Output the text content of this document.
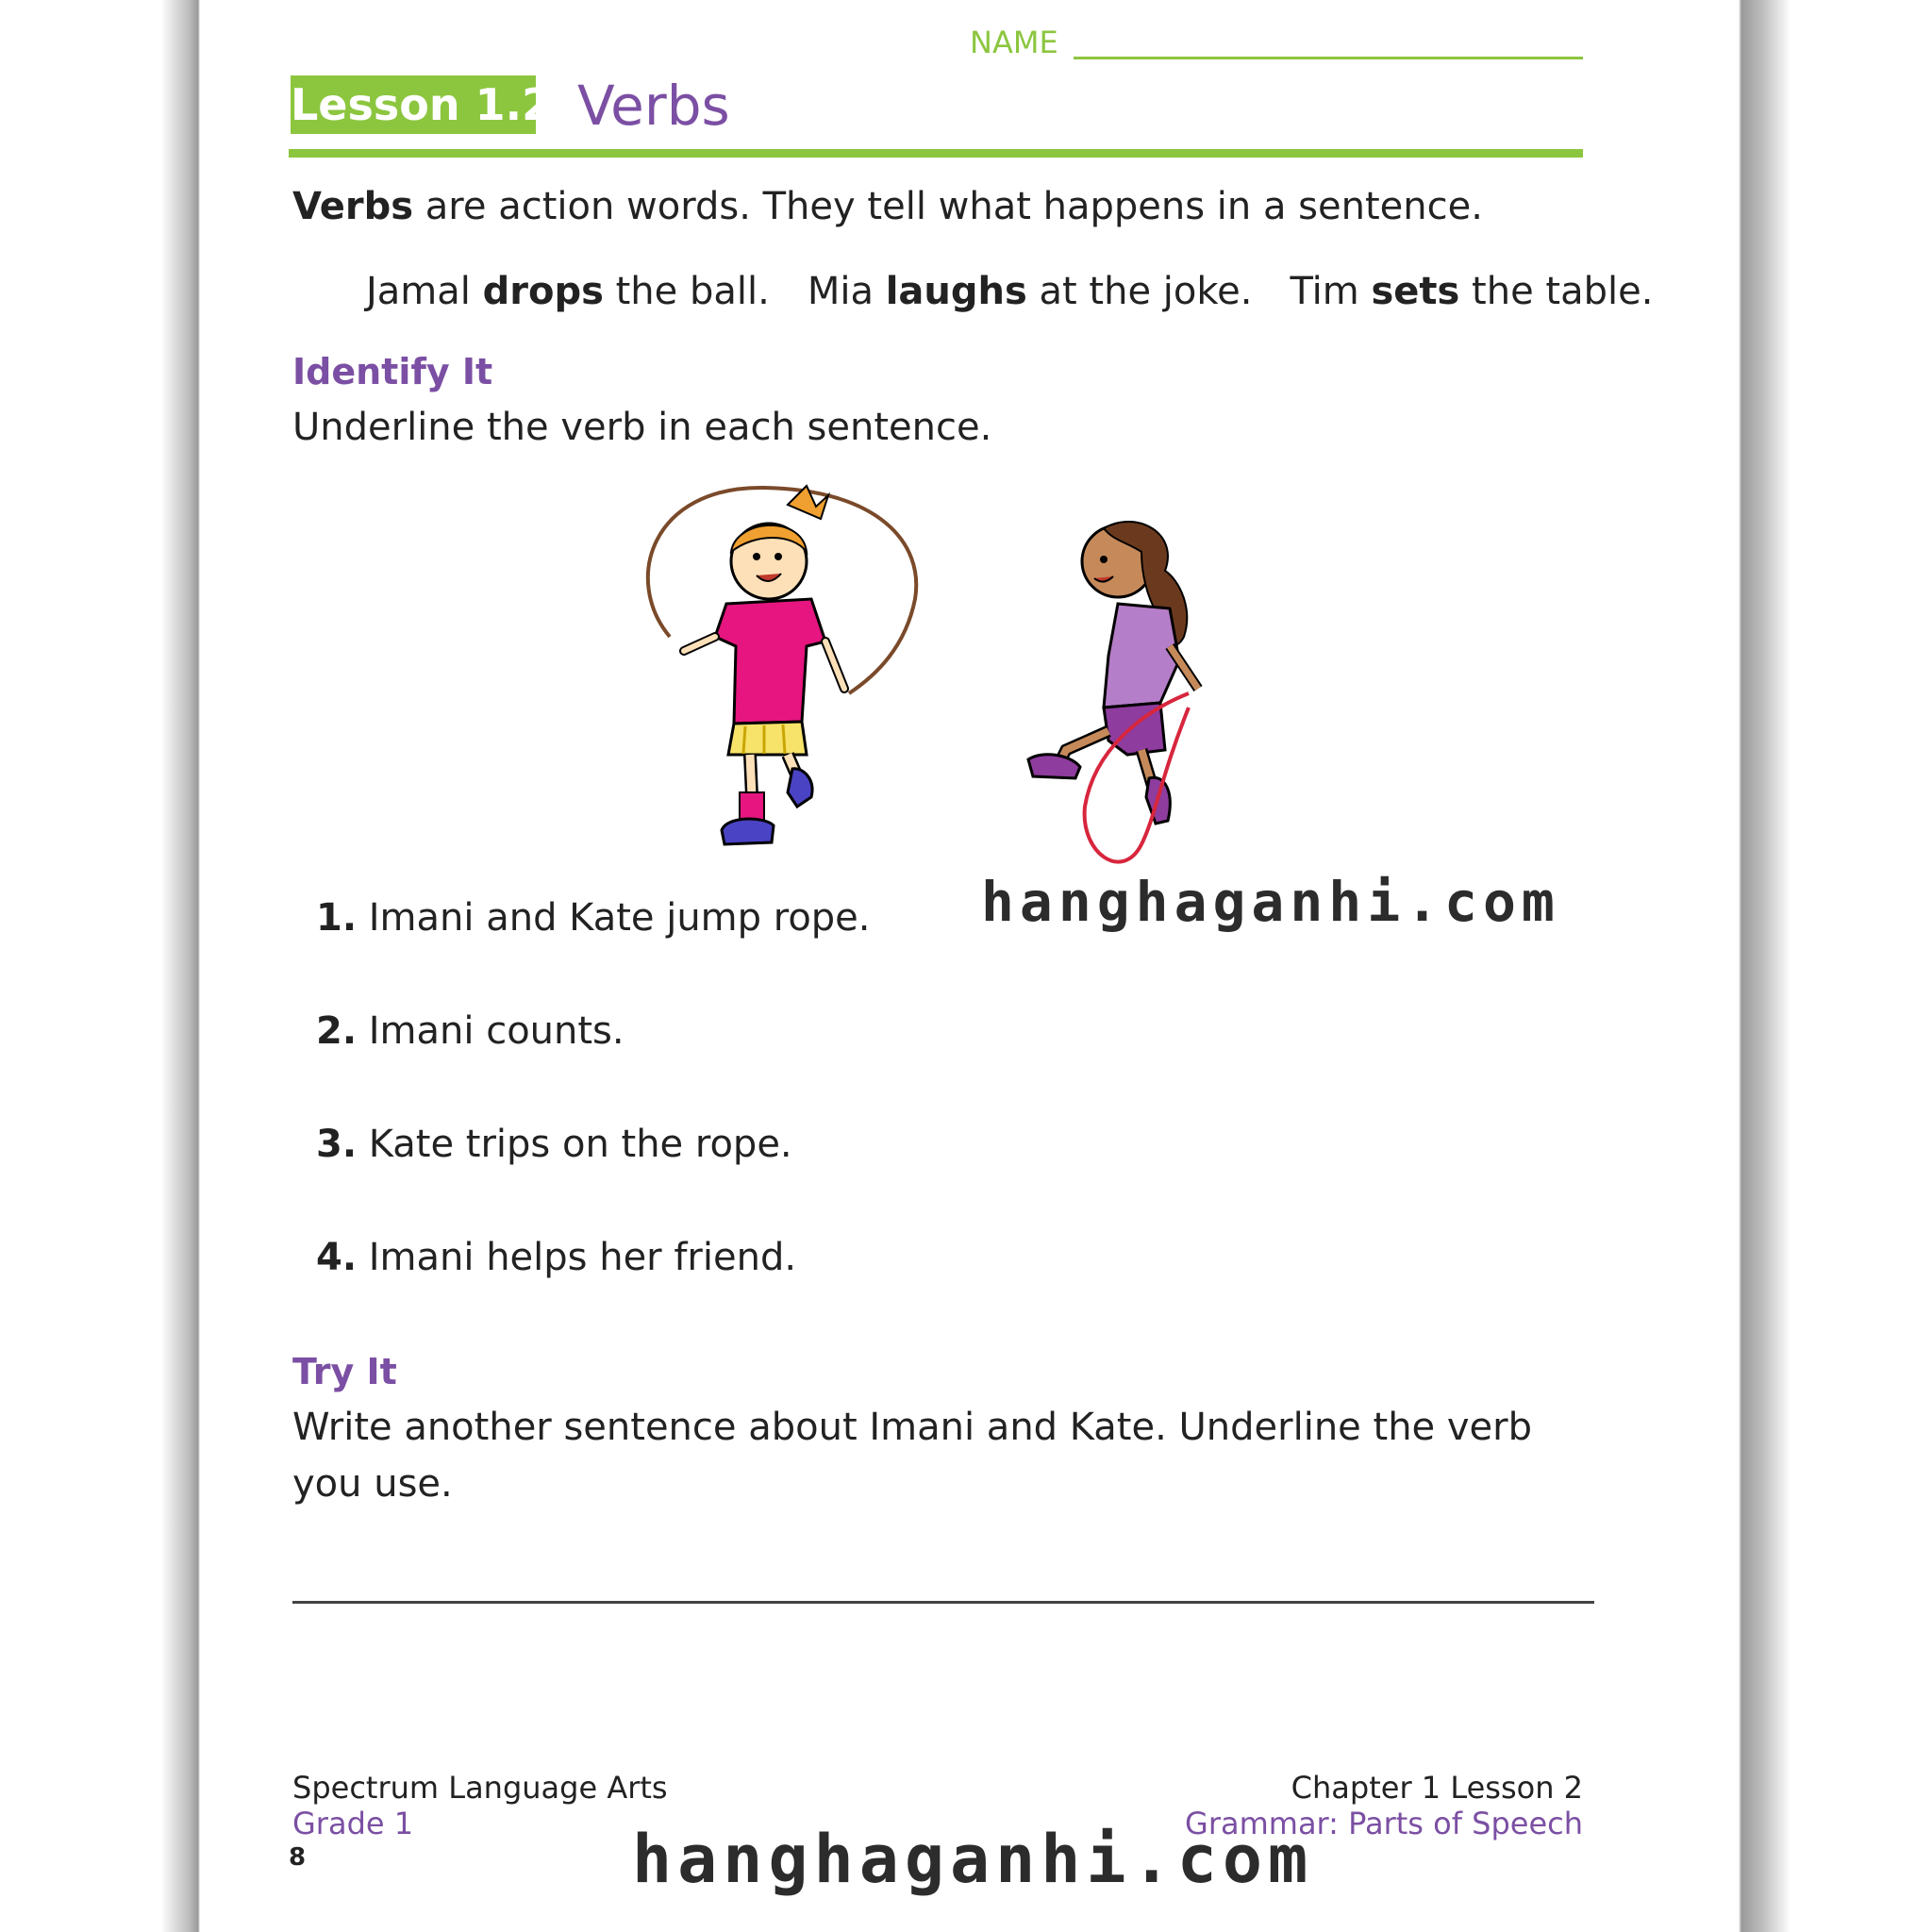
NAME
Lesson 1.2 Verbs
Verbs are action words. They tell what happens in a sentence.
Jamal drops the ball. Mia laughs at the joke. Tim sets the table.
Identify It
Underline the verb in each sentence.
1. Imani and Kate jump rope.
2. Imani counts.
3. Kate trips on the rope.
4. Imani helps her friend.
Try It
Write another sentence about Imani and Kate. Underline the verb
you use.
Spectrum Language Arts
Grade 1
8
Chapter 1 Lesson 2
Grammar: Parts of Speech
hanghaganhi.com
hanghaganhi.com
